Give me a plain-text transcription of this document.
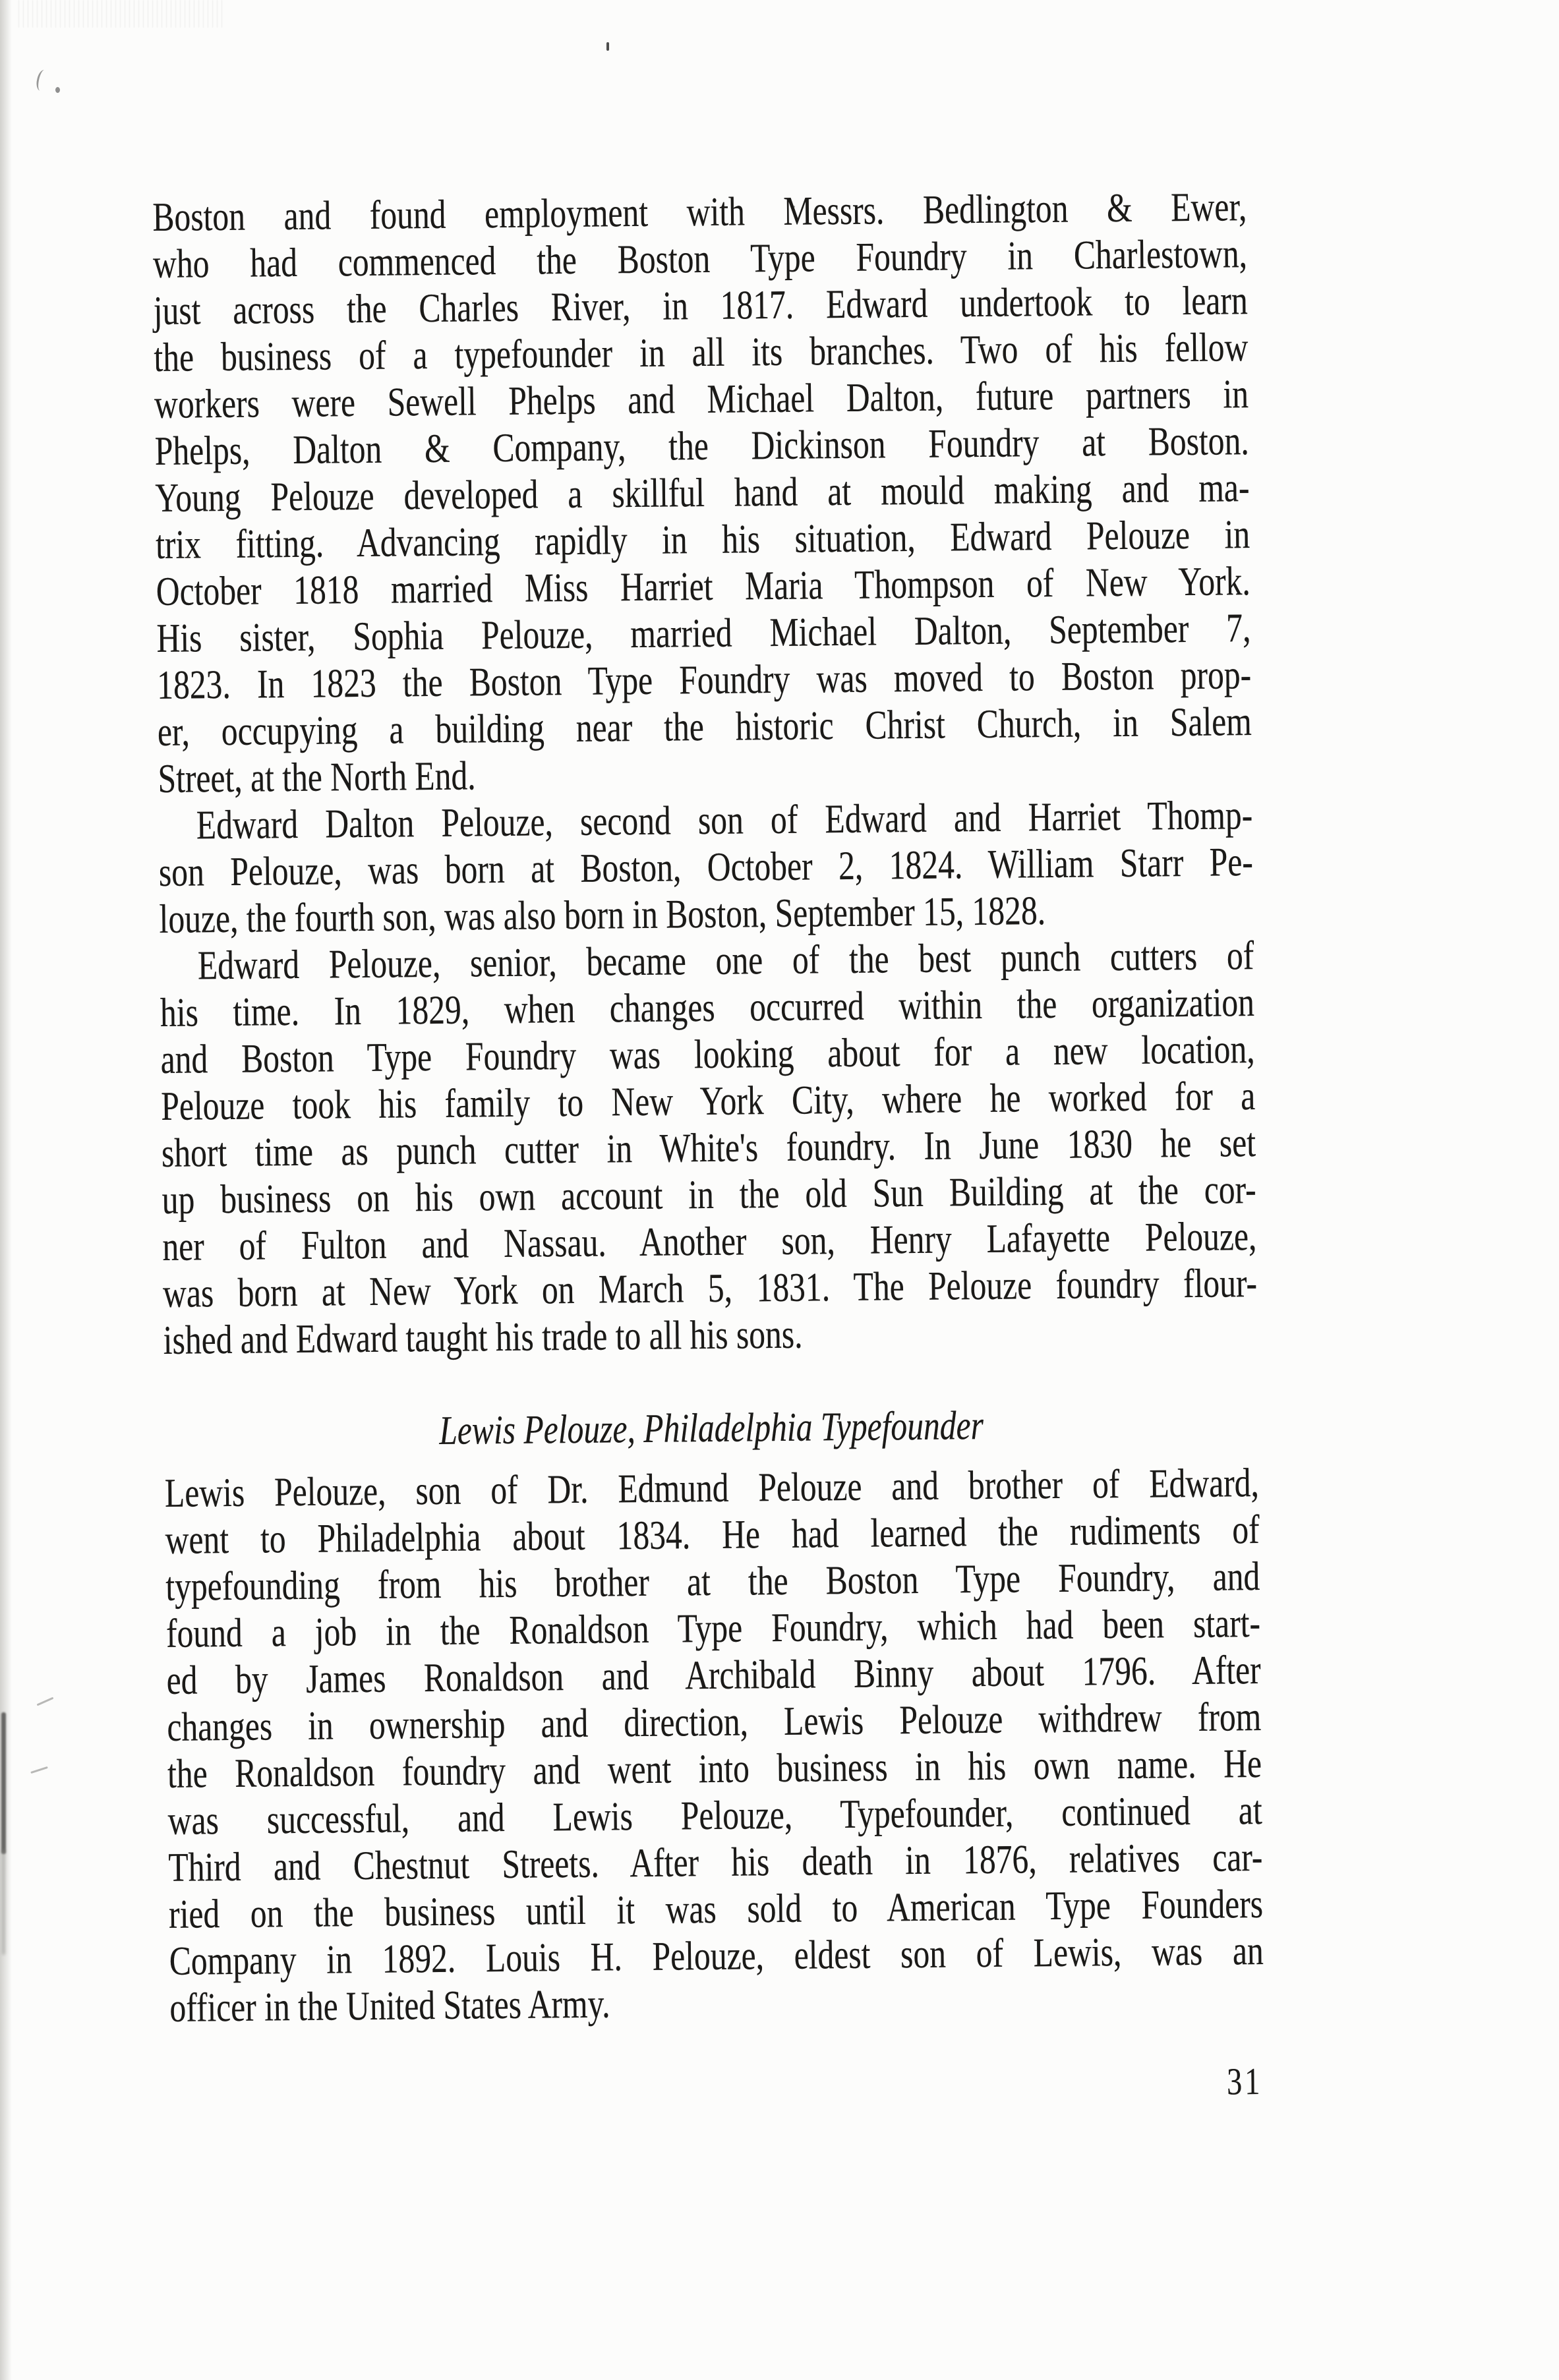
Boston and found employment with Messrs. Bedlington & Ewer,
who had commenced the Boston Type Foundry in Charlestown,
just across the Charles River, in 1817. Edward undertook to learn
the business of a typefounder in all its branches. Two of his fellow
workers were Sewell Phelps and Michael Dalton, future partners in
Phelps, Dalton & Company, the Dickinson Foundry at Boston.
Young Pelouze developed a skillful hand at mould making and ma-
trix fitting. Advancing rapidly in his situation, Edward Pelouze in
October 1818 married Miss Harriet Maria Thompson of New York.
His sister, Sophia Pelouze, married Michael Dalton, September 7,
1823. In 1823 the Boston Type Foundry was moved to Boston prop-
er, occupying a building near the historic Christ Church, in Salem
Street, at the North End.
Edward Dalton Pelouze, second son of Edward and Harriet Thomp-
son Pelouze, was born at Boston, October 2, 1824. William Starr Pe-
louze, the fourth son, was also born in Boston, September 15, 1828.
Edward Pelouze, senior, became one of the best punch cutters of
his time. In 1829, when changes occurred within the organization
and Boston Type Foundry was looking about for a new location,
Pelouze took his family to New York City, where he worked for a
short time as punch cutter in White's foundry. In June 1830 he set
up business on his own account in the old Sun Building at the cor-
ner of Fulton and Nassau. Another son, Henry Lafayette Pelouze,
was born at New York on March 5, 1831. The Pelouze foundry flour-
ished and Edward taught his trade to all his sons.
Lewis Pelouze, Philadelphia Typefounder
Lewis Pelouze, son of Dr. Edmund Pelouze and brother of Edward,
went to Philadelphia about 1834. He had learned the rudiments of
typefounding from his brother at the Boston Type Foundry, and
found a job in the Ronaldson Type Foundry, which had been start-
ed by James Ronaldson and Archibald Binny about 1796. After
changes in ownership and direction, Lewis Pelouze withdrew from
the Ronaldson foundry and went into business in his own name. He
was successful, and Lewis Pelouze, Typefounder, continued at
Third and Chestnut Streets. After his death in 1876, relatives car-
ried on the business until it was sold to American Type Founders
Company in 1892. Louis H. Pelouze, eldest son of Lewis, was an
officer in the United States Army.
31
